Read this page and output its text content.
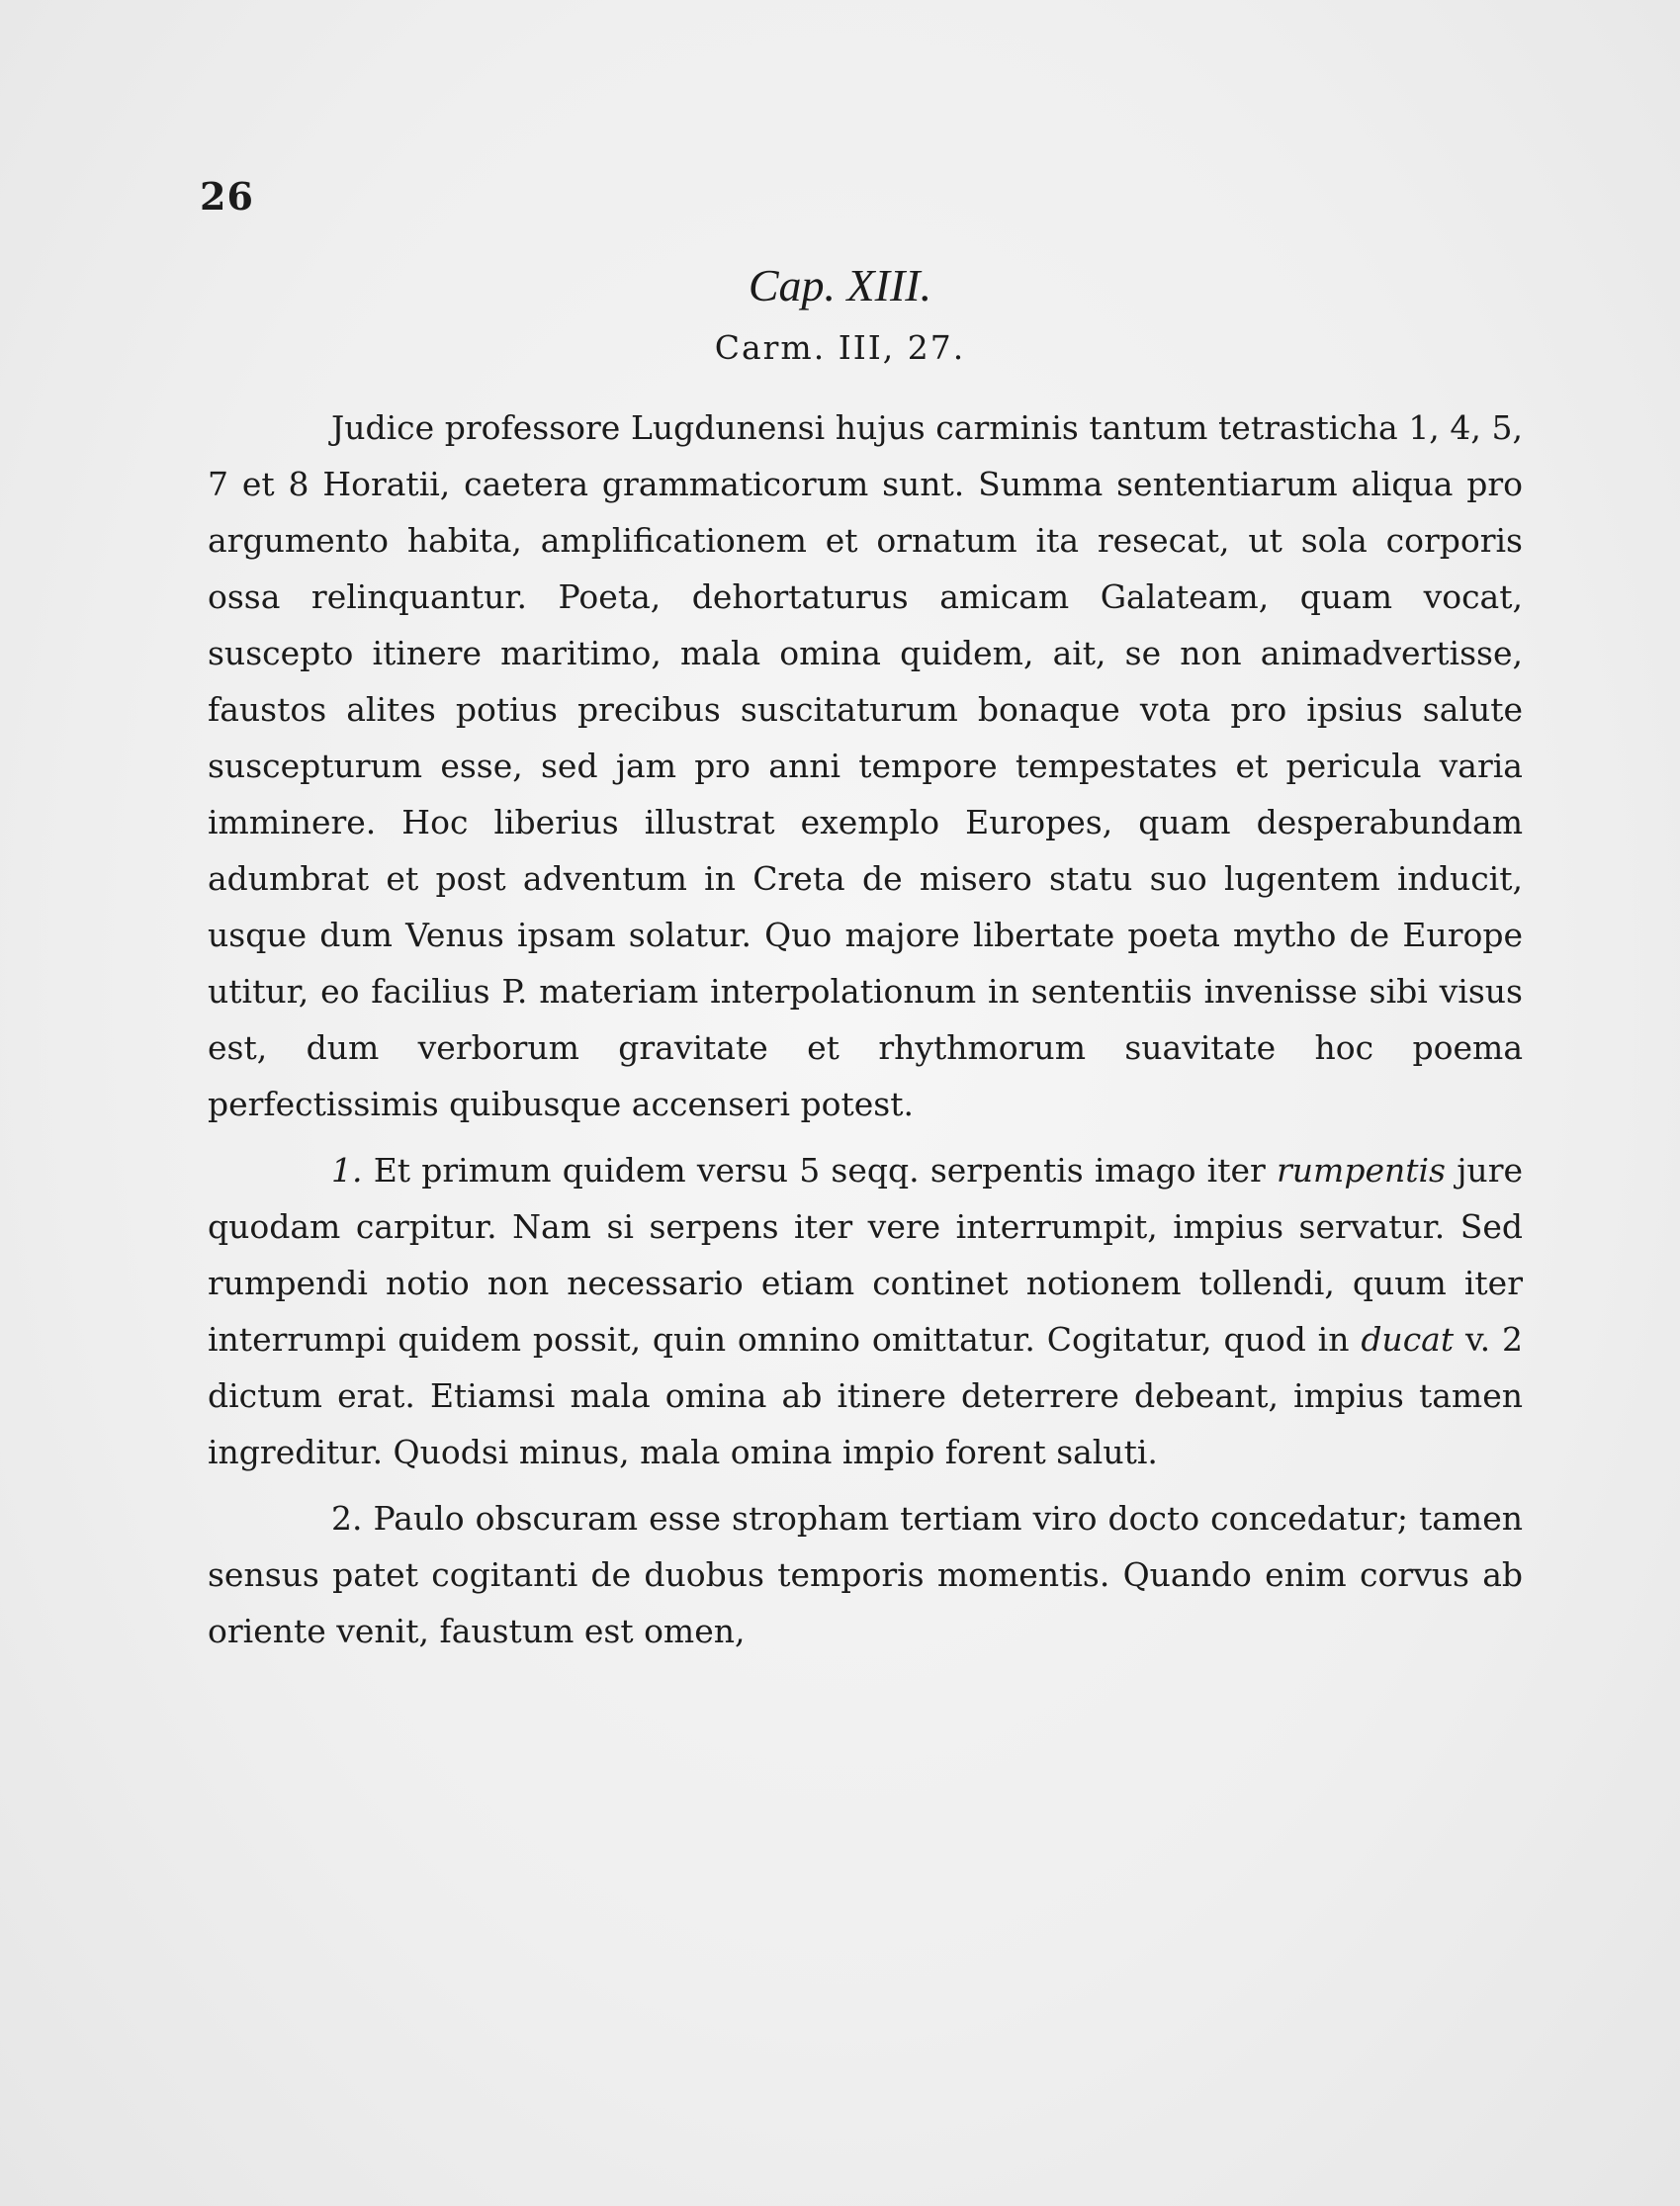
26
Cap. XIII.
Carm. III, 27.

Judice professore Lugdunensi hujus carminis tantum tetrasticha 1, 4, 5, 7 et 8 Horatii, caetera grammaticorum sunt. Summa sententiarum aliqua pro argumento habita, amplificationem et ornatum ita resecat, ut sola corporis ossa relinquantur. Poeta, dehortaturus amicam Galateam, quam vocat, suscepto itinere maritimo, mala omina quidem, ait, se non animadvertisse, faustos alites potius precibus suscitaturum bonaque vota pro ipsius salute suscepturum esse, sed jam pro anni tempore tempestates et pericula varia imminere. Hoc liberius illustrat exemplo Europes, quam desperabundam adumbrat et post adventum in Creta de misero statu suo lugentem inducit, usque dum Venus ipsam solatur. Quo majore libertate poeta mytho de Europe utitur, eo facilius P. materiam interpolationum in sententiis invenisse sibi visus est, dum verborum gravitate et rhythmorum suavitate hoc poema perfectissimis quibusque accenseri potest.

1. Et primum quidem versu 5 seqq. serpentis imago iter rumpentis jure quodam carpitur. Nam si serpens iter vere interrumpit, impius servatur. Sed rumpendi notio non necessario etiam continet notionem tollendi, quum iter interrumpi quidem possit, quin omnino omittatur. Cogitatur, quod in ducat v. 2 dictum erat. Etiamsi mala omina ab itinere deterrere debeant, impius tamen ingreditur. Quodsi minus, mala omina impio forent saluti.

2. Paulo obscuram esse stropham tertiam viro docto concedatur; tamen sensus patet cogitanti de duobus temporis momentis. Quando enim corvus ab oriente venit, faustum est omen,
